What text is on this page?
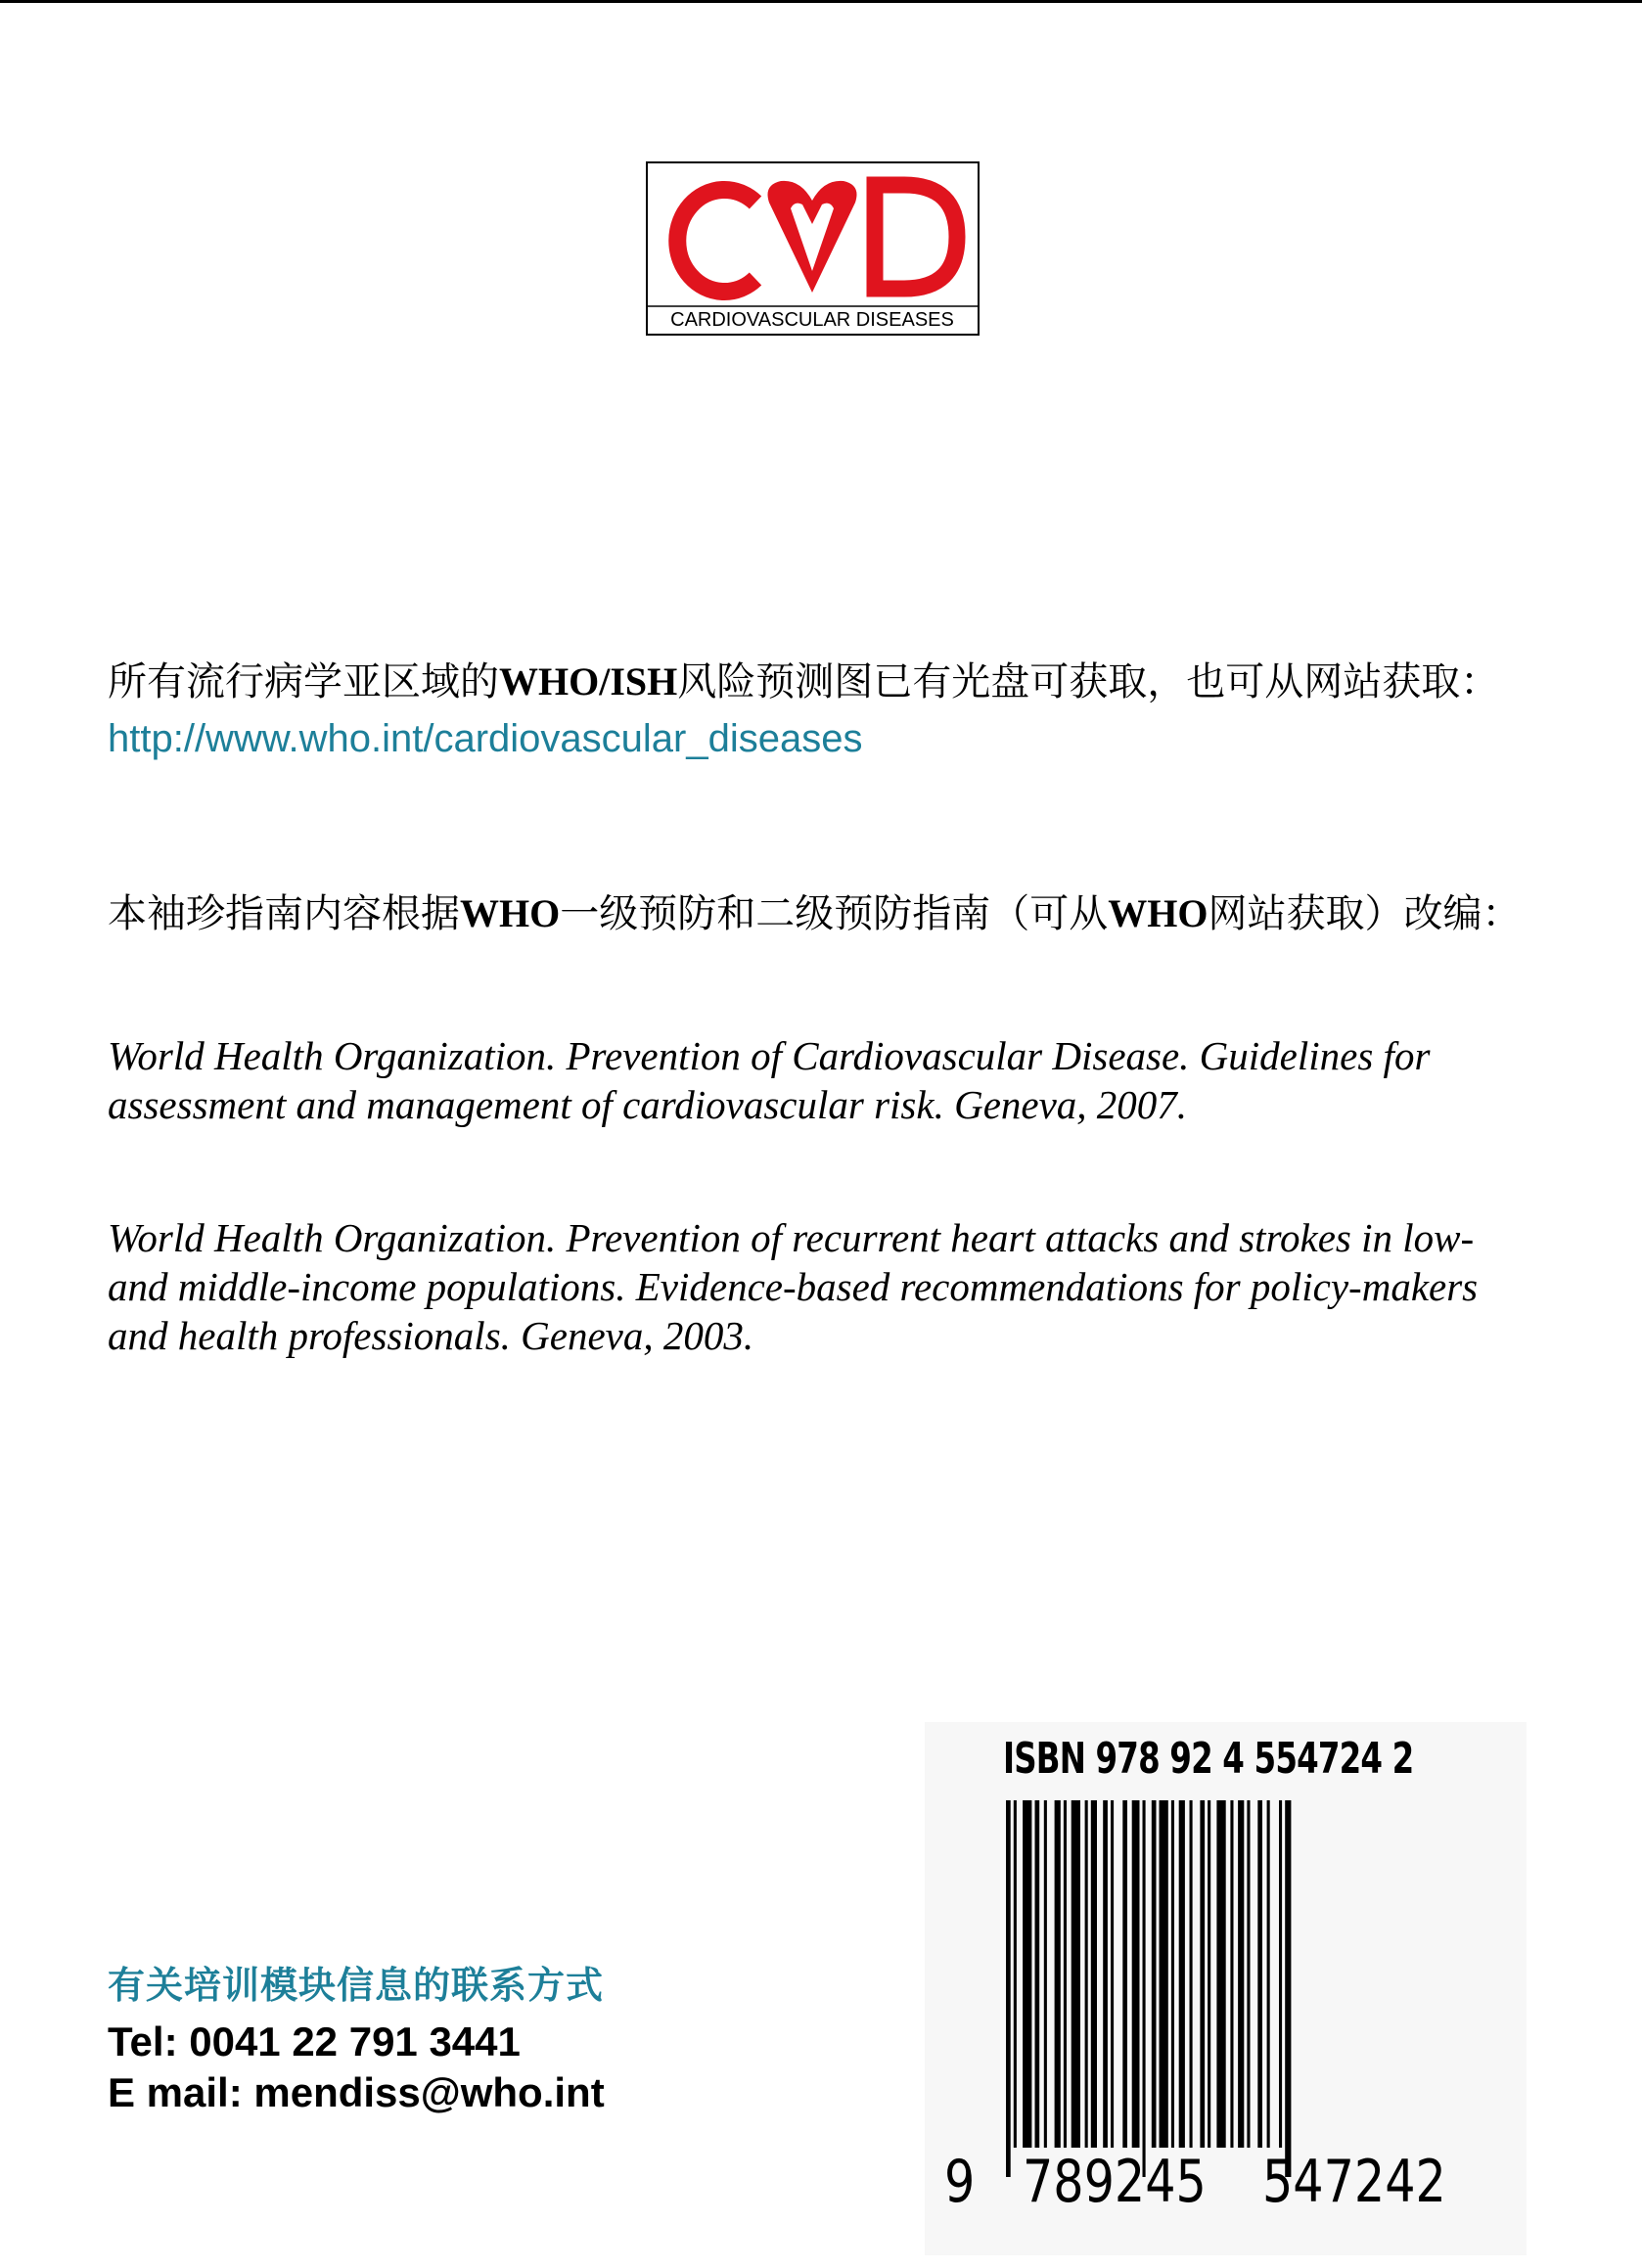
CARDIOVASCULAR DISEASES

所有流行病学亚区域的WHO/ISH风险预测图已有光盘可获取，也可从网站获取：http://www.who.int/cardiovascular_diseases

本袖珍指南内容根据WHO一级预防和二级预防指南（可从WHO网站获取）改编：

World Health Organization. Prevention of Cardiovascular Disease. Guidelines for assessment and management of cardiovascular risk. Geneva, 2007.

World Health Organization. Prevention of recurrent heart attacks and strokes in low- and middle-income populations. Evidence-based recommendations for policy-makers and health professionals. Geneva, 2003.

有关培训模块信息的联系方式

Tel: 0041 22 791 3441

E mail: mendiss@who.int

ISBN 978 92 4 554724 2
9 789245 547242
